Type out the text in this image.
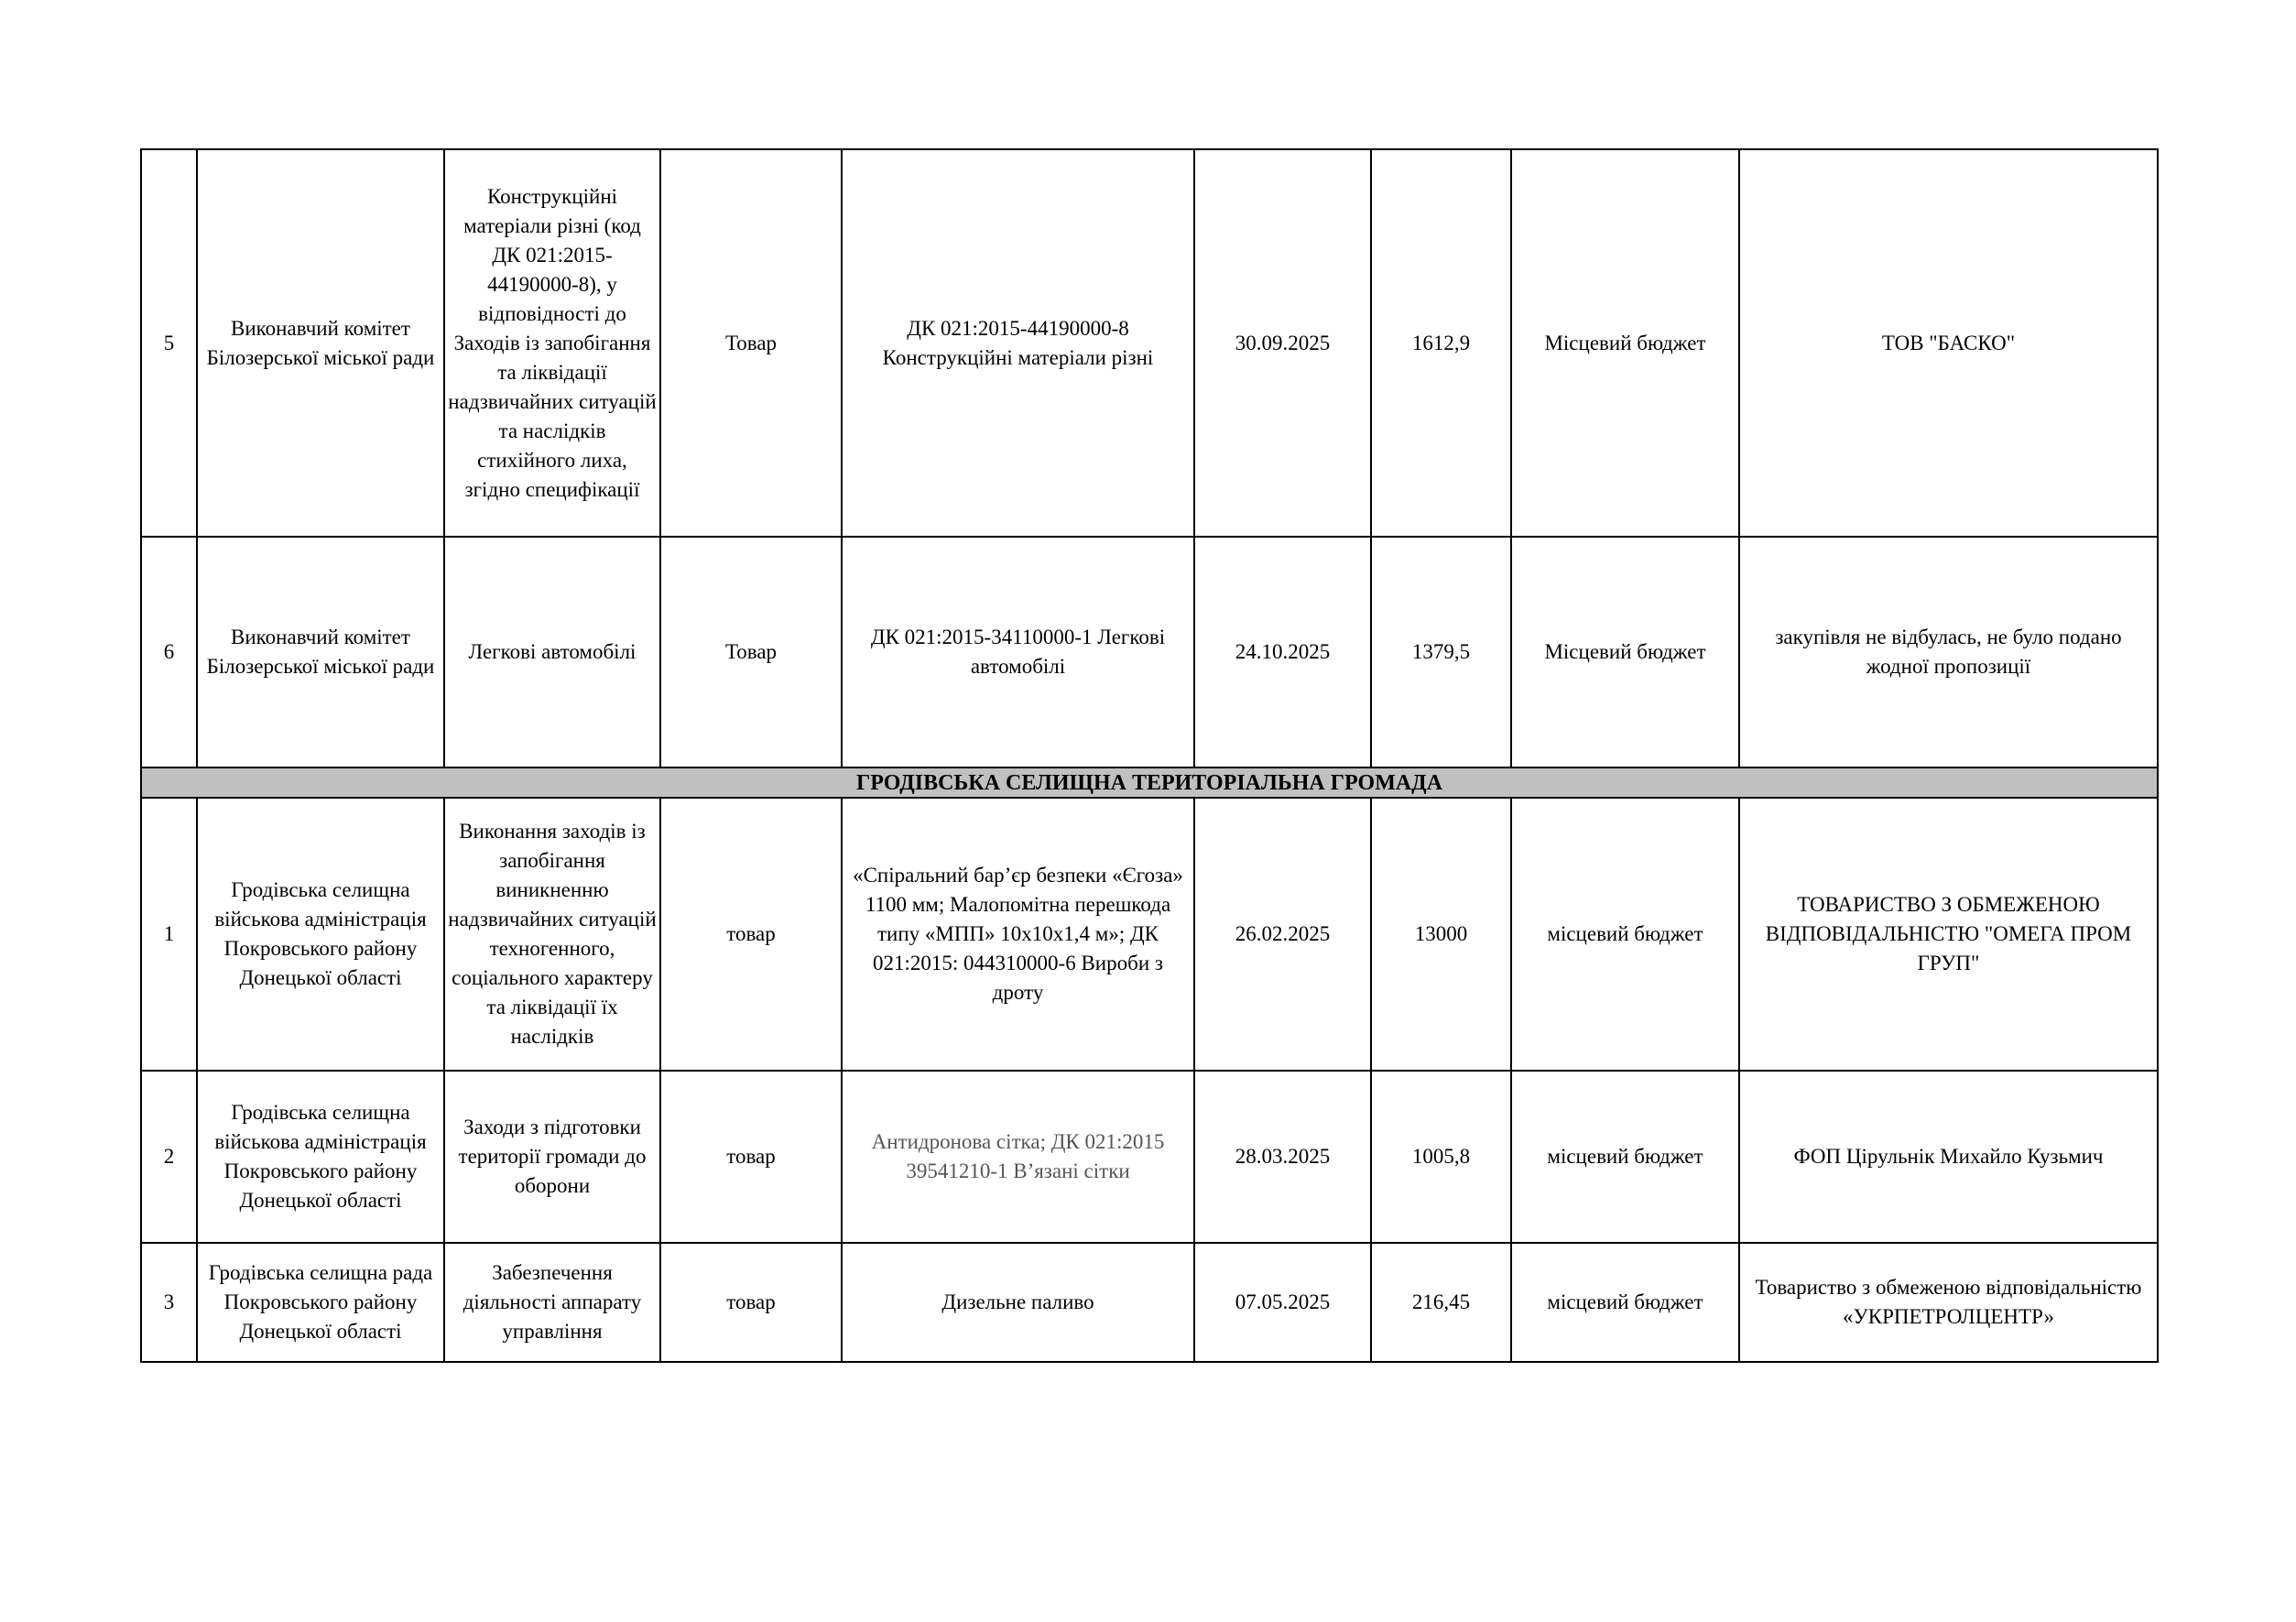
5	Виконавчий комітет Білозерської міської ради	Конструкційні матеріали різні (код ДК 021:2015-44190000-8), у відповідності до Заходів із запобігання та ліквідації надзвичайних ситуацій та наслідків стихійного лиха, згідно специфікації	Товар	ДК 021:2015-44190000-8 Конструкційні матеріали різні	30.09.2025	1612,9	Місцевий бюджет	ТОВ "БАСКО"
6	Виконавчий комітет Білозерської міської ради	Легкові автомобілі	Товар	ДК 021:2015-34110000-1 Легкові автомобілі	24.10.2025	1379,5	Місцевий бюджет	закупівля не відбулась, не було подано жодної пропозиції
ГРОДІВСЬКА СЕЛИЩНА ТЕРИТОРІАЛЬНА ГРОМАДА								
1	Гродівська селищна військова адміністрація Покровського району Донецької області	Виконання заходів із запобігання виникненню надзвичайних ситуацій техногенного, соціального характеру та ліквідації їх наслідків	товар	«Спіральний бар’єр безпеки «Єгоза» 1100 мм; Малопомітна перешкода типу «МПП» 10х10х1,4 м»; ДК 021:2015: 044310000-6 Вироби з дроту	26.02.2025	13000	місцевий бюджет	ТОВАРИСТВО З ОБМЕЖЕНОЮ ВІДПОВІДАЛЬНІСТЮ "ОМЕГА ПРОМ ГРУП"
2	Гродівська селищна військова адміністрація Покровського району Донецької області	Заходи з підготовки території громади до оборони	товар	Антидронова сітка; ДК 021:2015 39541210-1 В’язані сітки	28.03.2025	1005,8	місцевий бюджет	ФОП Цірульнік Михайло Кузьмич
3	Гродівська селищна рада Покровського району Донецької області	Забезпечення діяльності аппарату управління	товар	Дизельне паливо	07.05.2025	216,45	місцевий бюджет	Товариство з обмеженою відповідальністю «УКРПЕТРОЛЦЕНТР»
